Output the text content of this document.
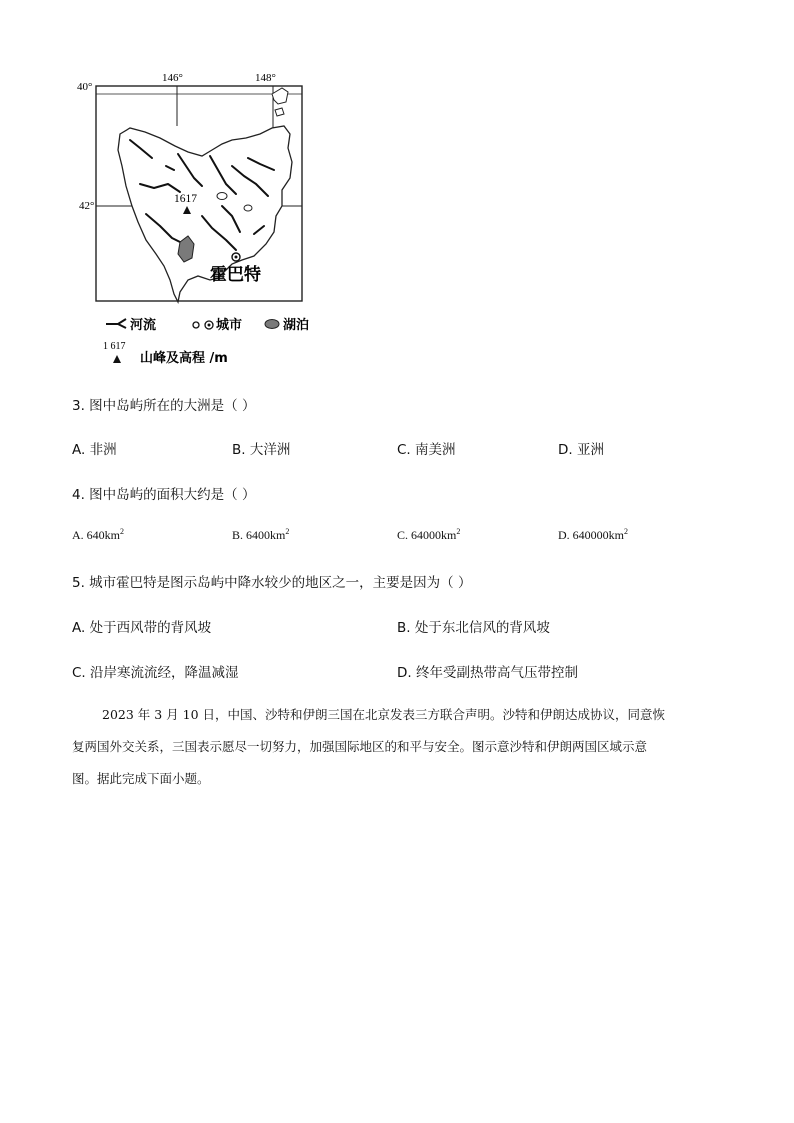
146°	148°
40°
42°
1617
霍巴特
河流	城市	湖泊
1 617
山峰及高程 /m
3. 图中岛屿所在的大洲是（ ）
A. 非洲	B. 大洋洲	C. 南美洲	D. 亚洲
4. 图中岛屿的面积大约是（ ）
A. $640km^2$	B. $6400km^2$	C. $64000km^2$	D. $640000km^2$
5. 城市霍巴特是图示岛屿中降水较少的地区之一，主要是因为（ ）
A. 处于西风带的背风坡	B. 处于东北信风的背风坡
C. 沿岸寒流流经，降温减湿	D. 终年受副热带高气压带控制
2023 年 3 月 10 日，中国、沙特和伊朗三国在北京发表三方联合声明。沙特和伊朗达成协议，同意恢
复两国外交关系，三国表示愿尽一切努力，加强国际地区的和平与安全。图示意沙特和伊朗两国区域示意
图。据此完成下面小题。
